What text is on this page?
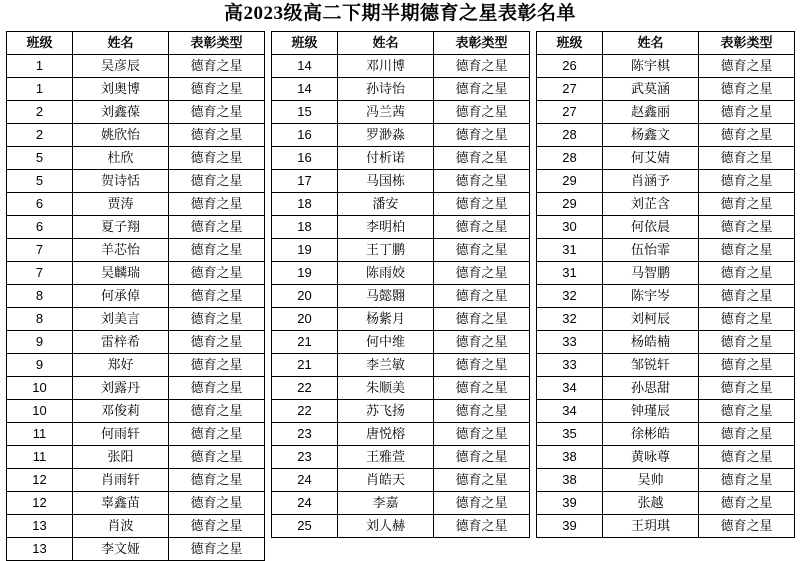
高2023级高二下期半期德育之星表彰名单
班级	姓名	表彰类型
1	吴彦辰	德育之星
1	刘奥博	德育之星
2	刘鑫葆	德育之星
2	姚欣怡	德育之星
5	杜欣	德育之星
5	贺诗恬	德育之星
6	贾涛	德育之星
6	夏子翔	德育之星
7	羊芯怡	德育之星
7	吴麟瑞	德育之星
8	何承倬	德育之星
8	刘美言	德育之星
9	雷梓希	德育之星
9	郑好	德育之星
10	刘露丹	德育之星
10	邓俊莉	德育之星
11	何雨轩	德育之星
11	张阳	德育之星
12	肖雨轩	德育之星
12	辜鑫苗	德育之星
13	肖波	德育之星
13	李文娅	德育之星
班级	姓名	表彰类型
14	邓川博	德育之星
14	孙诗怡	德育之星
15	冯兰茜	德育之星
16	罗渺淼	德育之星
16	付析诺	德育之星
17	马国栋	德育之星
18	潘安	德育之星
18	李明柏	德育之星
19	王丁鹏	德育之星
19	陈雨姣	德育之星
20	马懿翾	德育之星
20	杨紫月	德育之星
21	何中维	德育之星
21	李兰敏	德育之星
22	朱顺美	德育之星
22	苏飞扬	德育之星
23	唐悦榕	德育之星
23	王雅萱	德育之星
24	肖皓天	德育之星
24	李嘉	德育之星
25	刘人赫	德育之星
班级	姓名	表彰类型
26	陈宇棋	德育之星
27	武莫涵	德育之星
27	赵鑫丽	德育之星
28	杨鑫文	德育之星
28	何艾婧	德育之星
29	肖涵予	德育之星
29	刘芷含	德育之星
30	何依晨	德育之星
31	伍怡霏	德育之星
31	马智鹏	德育之星
32	陈宇岑	德育之星
32	刘柯辰	德育之星
33	杨皓楠	德育之星
33	邹锐轩	德育之星
34	孙思甜	德育之星
34	钟瑾辰	德育之星
35	徐彬皓	德育之星
38	黄咏尊	德育之星
38	吴帅	德育之星
39	张越	德育之星
39	王玥琪	德育之星
